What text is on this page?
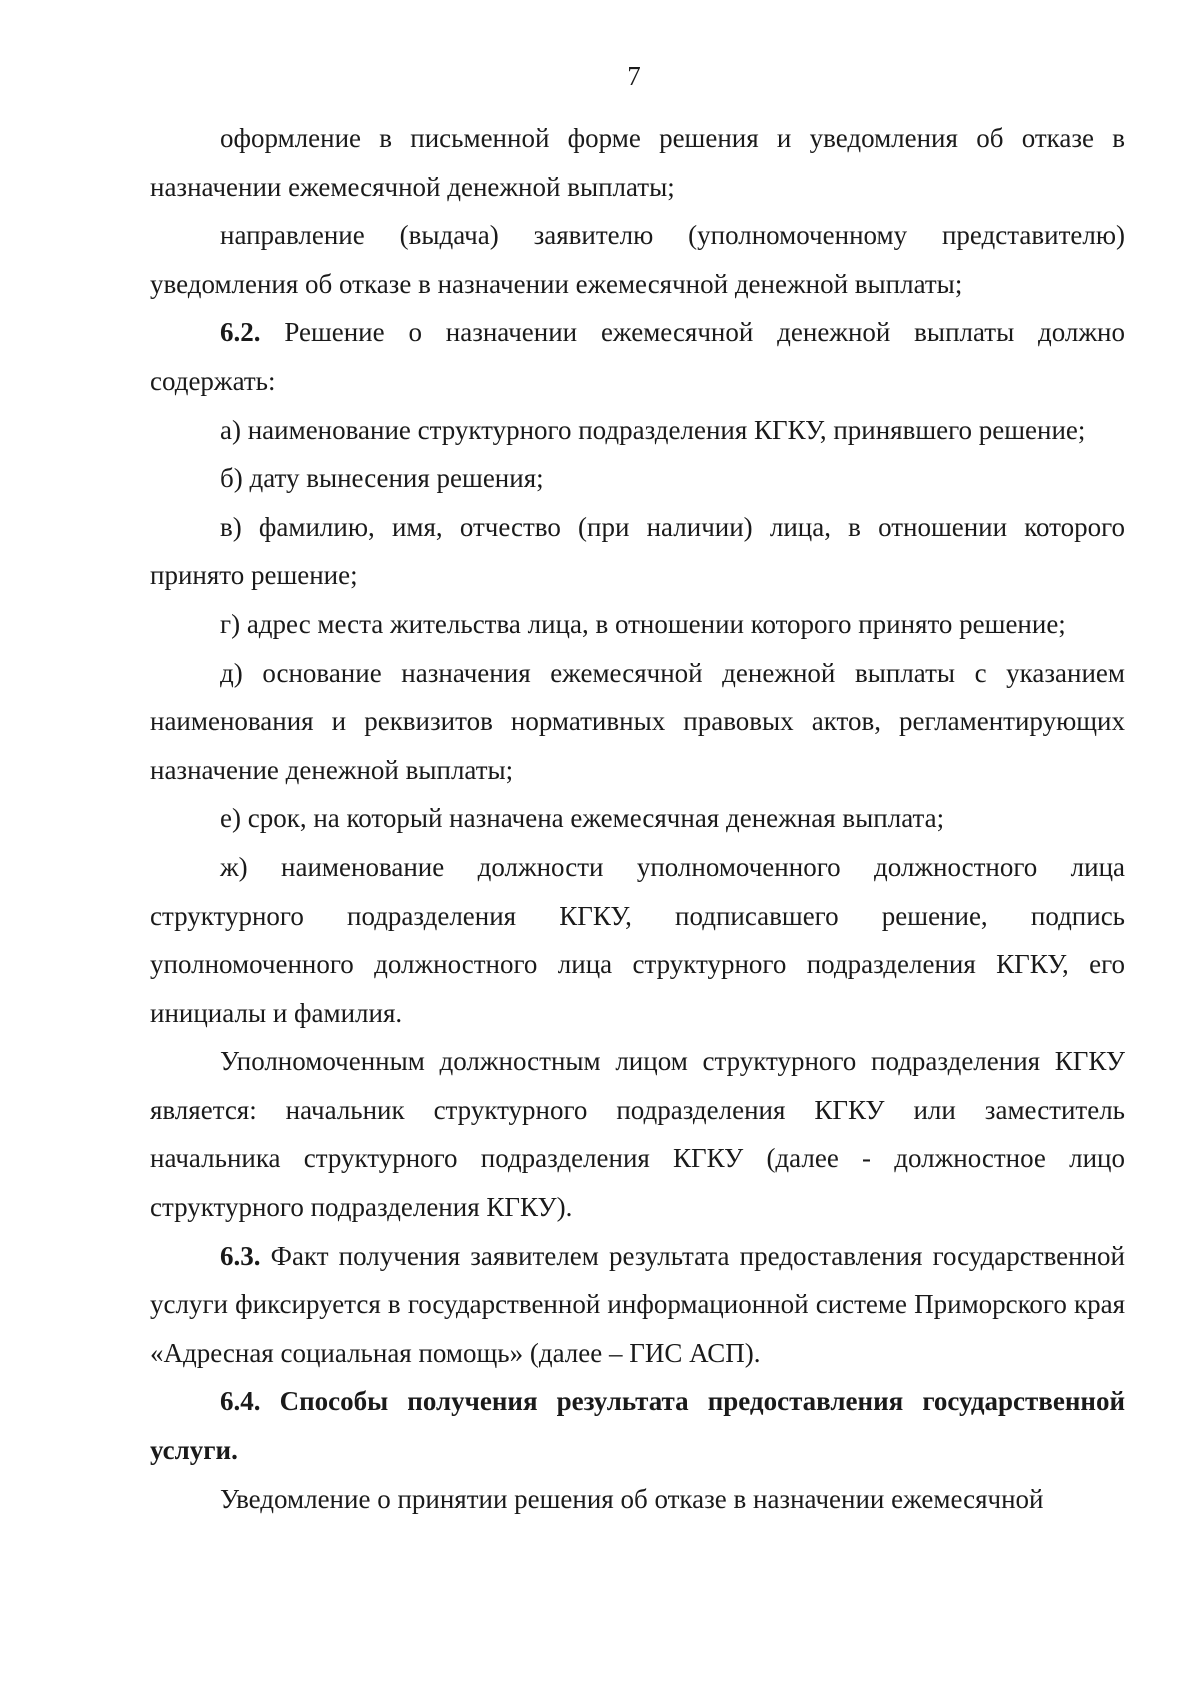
7

оформление в письменной форме решения и уведомления об отказе в назначении ежемесячной денежной выплаты;

направление (выдача) заявителю (уполномоченному представителю) уведомления об отказе в назначении ежемесячной денежной выплаты;

6.2. Решение о назначении ежемесячной денежной выплаты должно содержать:

а) наименование структурного подразделения КГКУ, принявшего решение;

б) дату вынесения решения;

в) фамилию, имя, отчество (при наличии) лица, в отношении которого принято решение;

г) адрес места жительства лица, в отношении которого принято решение;

д) основание назначения ежемесячной денежной выплаты с указанием наименования и реквизитов нормативных правовых актов, регламентирующих назначение денежной выплаты;

е) срок, на который назначена ежемесячная денежная выплата;

ж) наименование должности уполномоченного должностного лица структурного подразделения КГКУ, подписавшего решение, подпись уполномоченного должностного лица структурного подразделения КГКУ, его инициалы и фамилия.

Уполномоченным должностным лицом структурного подразделения КГКУ является: начальник структурного подразделения КГКУ или заместитель начальника структурного подразделения КГКУ (далее - должностное лицо структурного подразделения КГКУ).

6.3. Факт получения заявителем результата предоставления государственной услуги фиксируется в государственной информационной системе Приморского края «Адресная социальная помощь» (далее – ГИС АСП).

6.4. Способы получения результата предоставления государственной услуги.

Уведомление о принятии решения об отказе в назначении ежемесячной
